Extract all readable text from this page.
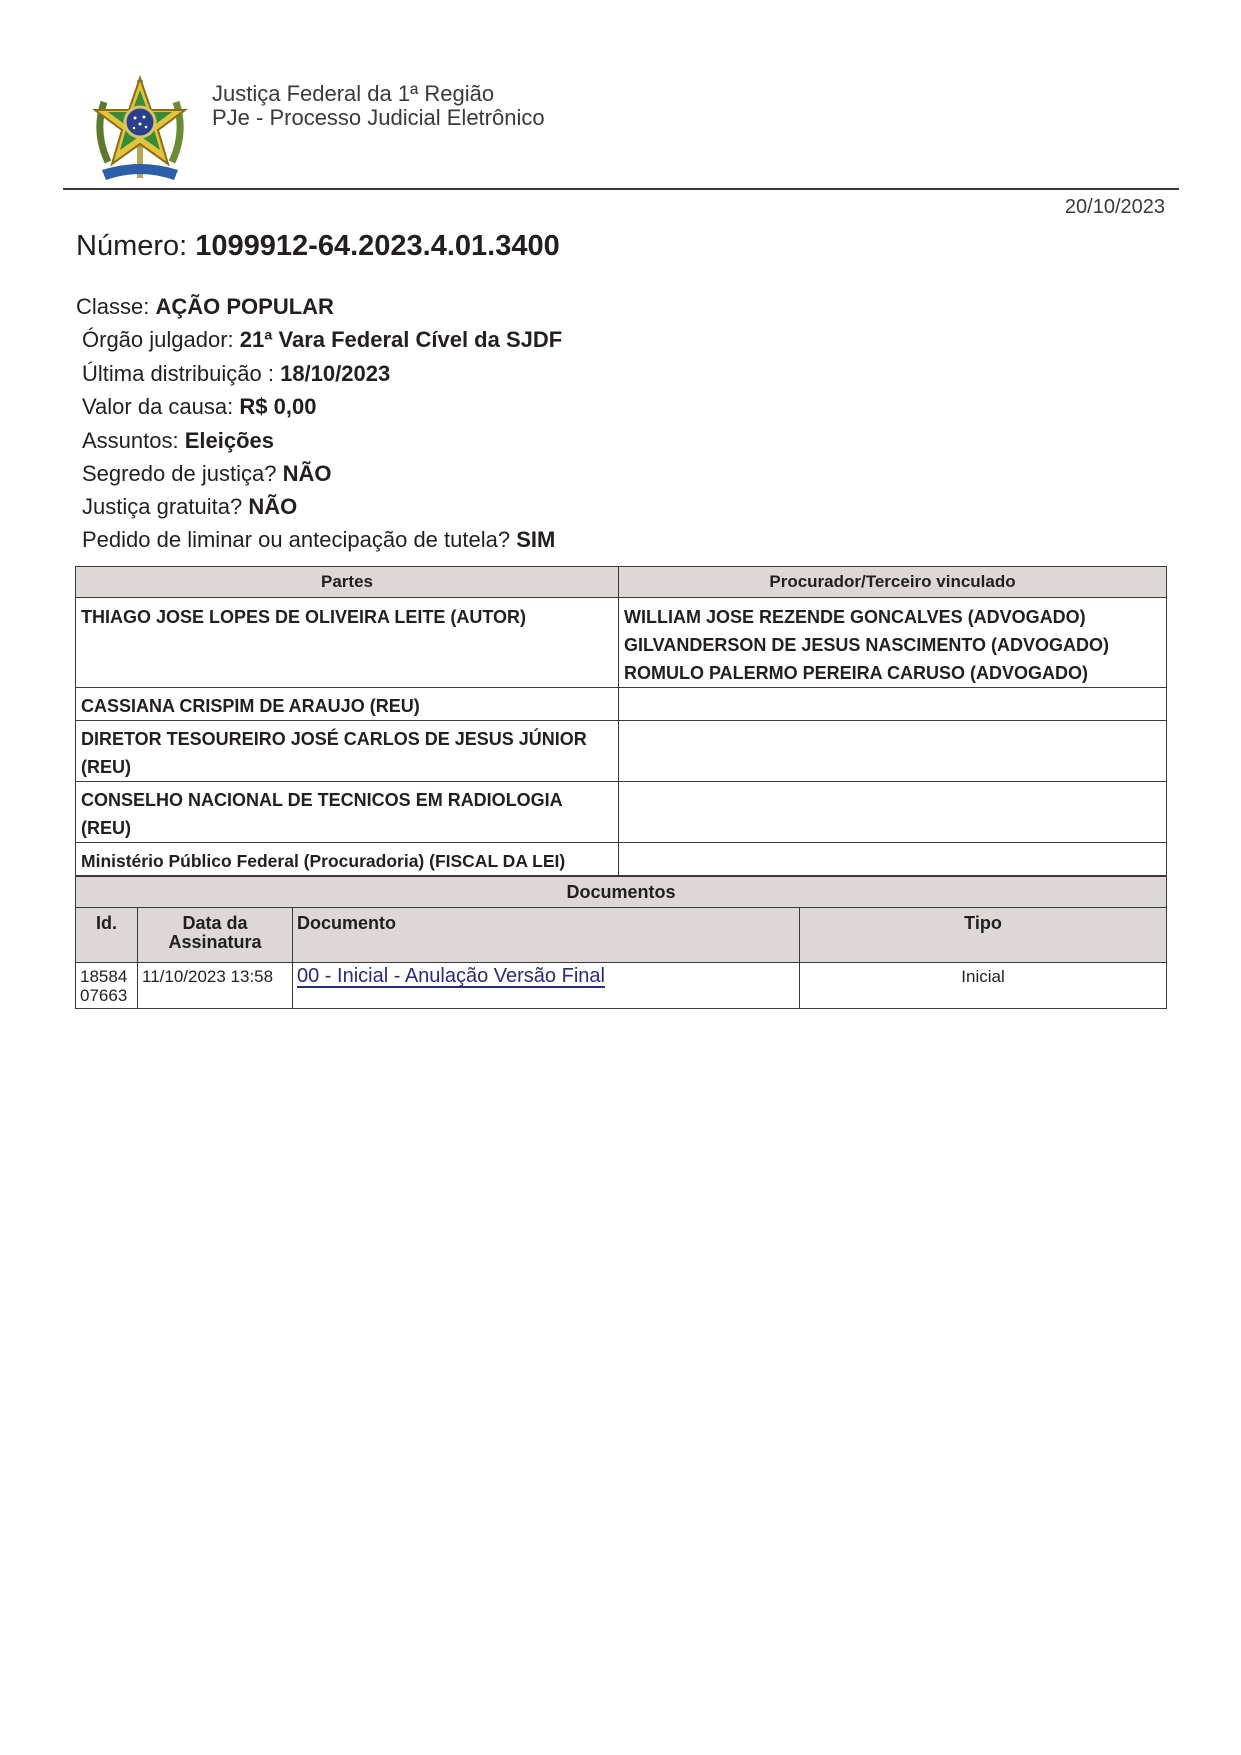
Justiça Federal da 1ª Região
PJe - Processo Judicial Eletrônico
20/10/2023
Número: 1099912-64.2023.4.01.3400
Classe: AÇÃO POPULAR
Órgão julgador: 21ª Vara Federal Cível da SJDF
Última distribuição : 18/10/2023
Valor da causa: R$ 0,00
Assuntos: Eleições
Segredo de justiça? NÃO
Justiça gratuita? NÃO
Pedido de liminar ou antecipação de tutela? SIM
Partes	Procurador/Terceiro vinculado
THIAGO JOSE LOPES DE OLIVEIRA LEITE (AUTOR)	WILLIAM JOSE REZENDE GONCALVES (ADVOGADO)
GILVANDERSON DE JESUS NASCIMENTO (ADVOGADO)
ROMULO PALERMO PEREIRA CARUSO (ADVOGADO)

CASSIANA CRISPIM DE ARAUJO (REU)	
DIRETOR TESOUREIRO JOSÉ CARLOS DE JESUS JÚNIOR (REU)	
CONSELHO NACIONAL DE TECNICOS EM RADIOLOGIA (REU)	
Ministério Público Federal (Procuradoria) (FISCAL DA LEI)	
Documentos			
Id.	Data da Assinatura	Documento	Tipo
18584 07663	11/10/2023 13:58	00 - Inicial - Anulação Versão Final	Inicial
